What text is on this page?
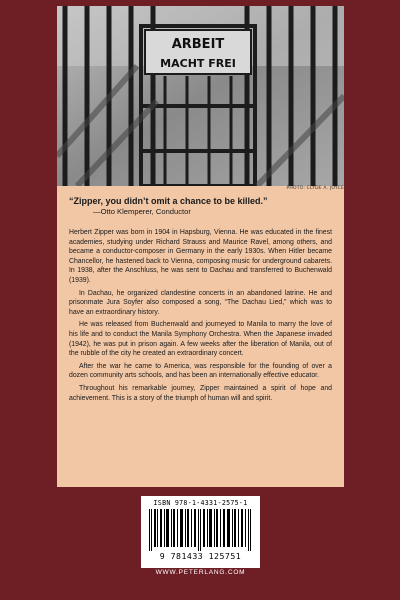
ARBEIT
MACHT FREI
“Zipper, you didn’t omit a chance to be killed.”
—Otto Klemperer, Conductor

Herbert Zipper was born in 1904 in Hapsburg, Vienna. He was educated in the finest academies, studying under Richard Strauss and Maurice Ravel, among others, and became a conductor-composer in Germany in the early 1930s. When Hitler became Chancellor, he hastened back to Vienna, composing music for underground cabarets. In 1938, after the Anschluss, he was sent to Dachau and transferred to Buchenwald (1939).

In Dachau, he organized clandestine concerts in an abandoned latrine. He and prisonmate Jura Soyfer also composed a song, “The Dachau Lied,” which was to have an extraordinary history.

He was released from Buchenwald and journeyed to Manila to marry the love of his life and to conduct the Manila Symphony Orchestra. When the Japanese invaded (1942), he was put in prison again. A few weeks after the liberation of Manila, out of the rubble of the city he created an extraordinary concert.

After the war he came to America, was responsible for the founding of over a dozen community arts schools, and has been an internationally effective educator.

Throughout his remarkable journey, Zipper maintained a spirit of hope and achievement. This is a story of the triumph of human will and spirit.

PHOTO: CLYDE A. JOYCE
ISBN 978-1-4331-2575-1
9 781433 125751
WWW.PETERLANG.COM
